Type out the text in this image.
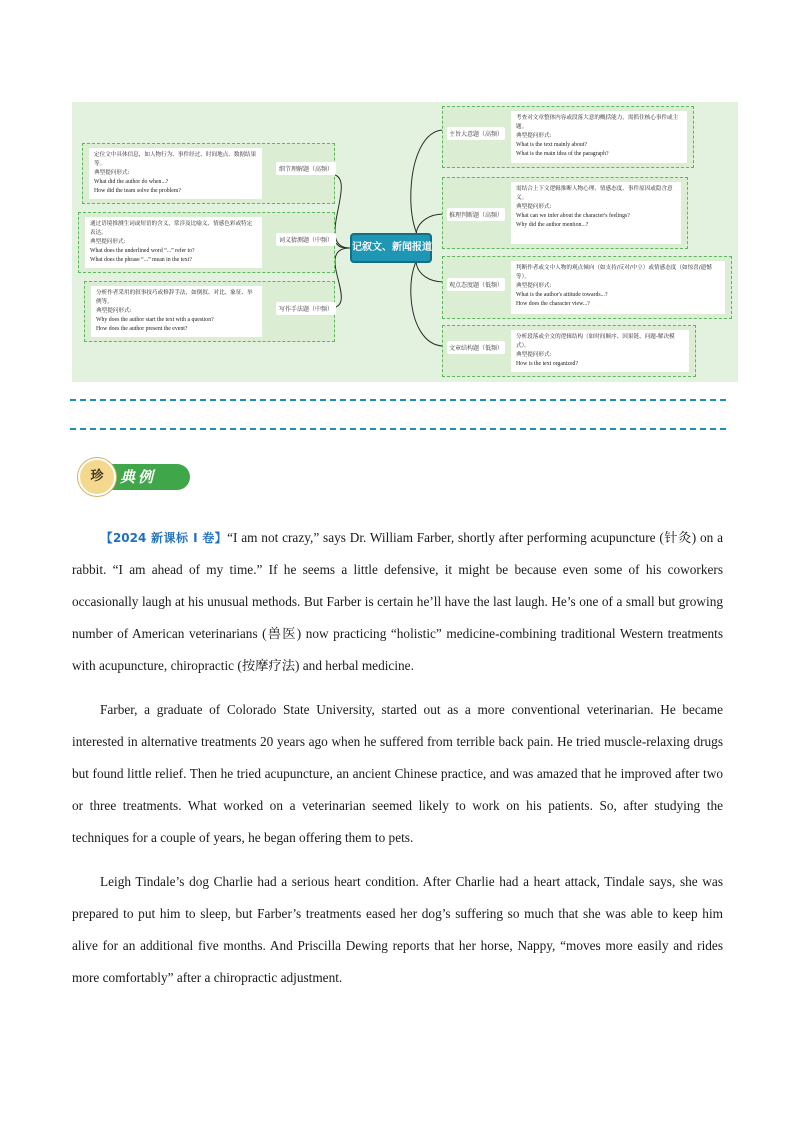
定位文中具体信息，如人物行为、事件经过、时间地点、数据结果等。
典型提问形式:
What did the author do when...?
How did the team solve the problem?
细节理解题（高频）
通过语境推测生词或短语的含义，常涉及比喻义、情感色彩或特定表达。
典型提问形式:
What does the underlined word “...” refer to?
What does the phrase “...” mean in the text?
词义猜测题（中频）
分析作者采用的叙事技巧或修辞手法，如倒叙、对比、象征、举例等。
典型提问形式:
Why does the author start the text with a question?
How does the author present the event?
写作手法题（中频）
记叙文、新闻报道
主旨大意题（高频）
考查对文章整体内容或段落大意的概括能力，需抓住核心事件或主题。
典型提问形式:
What is the text mainly about?
What is the main idea of the paragraph?
推理判断题（高频）
需结合上下文逻辑推断人物心理、情感态度、事件原因或隐含意义。
典型提问形式:
What can we infer about the character's feelings?
Why did the author mention...?
观点态度题（低频）
判断作者或文中人物的观点倾向（如支持/反对/中立）或情感态度（如惊喜/遗憾等）。
典型提问形式:
What is the author's attitude towards...?
How does the character view...?
文章结构题（低频）
分析段落或全文的逻辑结构（如时间顺序、因果链、问题-解决模式）。
典型提问形式:
How is the text organized?
典例
珍
【2024 新课标 I 卷】“I am not crazy,” says Dr. William Farber, shortly after performing acupuncture (针灸) on a rabbit. “I am ahead of my time.” If he seems a little defensive, it might be because even some of his coworkers occasionally laugh at his unusual methods. But Farber is certain he’ll have the last laugh. He’s one of a small but growing number of American veterinarians (兽医) now practicing “holistic” medicine-combining traditional Western treatments with acupuncture, chiropractic (按摩疗法) and herbal medicine.
Farber, a graduate of Colorado State University, started out as a more conventional veterinarian. He became interested in alternative treatments 20 years ago when he suffered from terrible back pain. He tried muscle-relaxing drugs but found little relief. Then he tried acupuncture, an ancient Chinese practice, and was amazed that he improved after two or three treatments. What worked on a veterinarian seemed likely to work on his patients. So, after studying the techniques for a couple of years, he began offering them to pets.
Leigh Tindale’s dog Charlie had a serious heart condition. After Charlie had a heart attack, Tindale says, she was prepared to put him to sleep, but Farber’s treatments eased her dog’s suffering so much that she was able to keep him alive for an additional five months. And Priscilla Dewing reports that her horse, Nappy, “moves more easily and rides more comfortably” after a chiropractic adjustment.
